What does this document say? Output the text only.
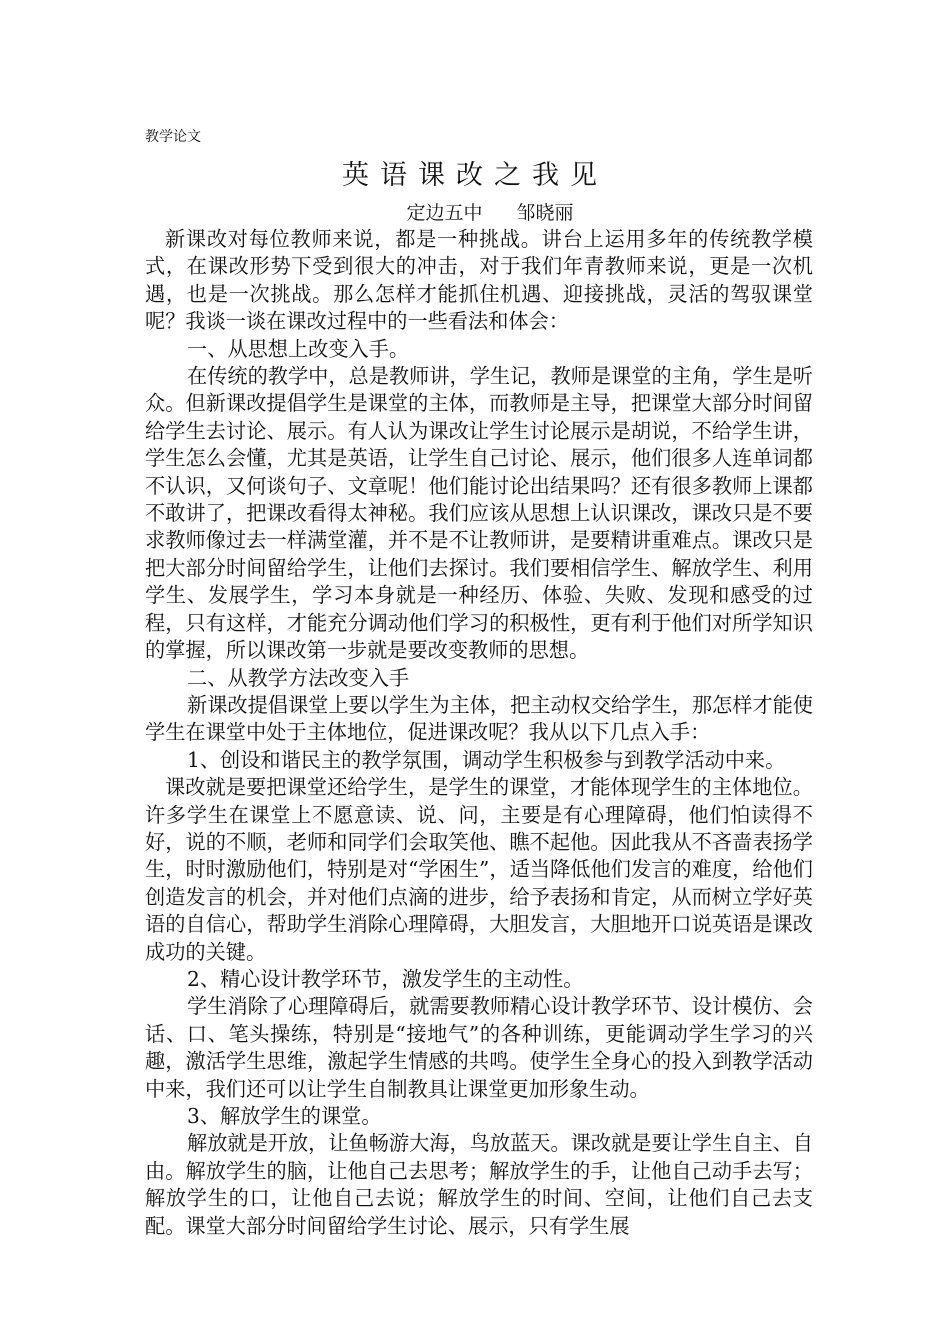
教学论文
英语课改之我见
定边五中 邹晓丽

新课改对每位教师来说，都是一种挑战。讲台上运用多年的传统教学模式，在课改形势下受到很大的冲击，对于我们年青教师来说，更是一次机遇，也是一次挑战。那么怎样才能抓住机遇、迎接挑战，灵活的驾驭课堂呢？我谈一谈在课改过程中的一些看法和体会：

一、从思想上改变入手。

在传统的教学中，总是教师讲，学生记，教师是课堂的主角，学生是听众。但新课改提倡学生是课堂的主体，而教师是主导，把课堂大部分时间留给学生去讨论、展示。有人认为课改让学生讨论展示是胡说，不给学生讲，学生怎么会懂，尤其是英语，让学生自己讨论、展示，他们很多人连单词都不认识，又何谈句子、文章呢！他们能讨论出结果吗？还有很多教师上课都不敢讲了，把课改看得太神秘。我们应该从思想上认识课改，课改只是不要求教师像过去一样满堂灌，并不是不让教师讲，是要精讲重难点。课改只是把大部分时间留给学生，让他们去探讨。我们要相信学生、解放学生、利用学生、发展学生，学习本身就是一种经历、体验、失败、发现和感受的过程，只有这样，才能充分调动他们学习的积极性，更有利于他们对所学知识的掌握，所以课改第一步就是要改变教师的思想。

二、从教学方法改变入手

新课改提倡课堂上要以学生为主体，把主动权交给学生，那怎样才能使学生在课堂中处于主体地位，促进课改呢？我从以下几点入手：

1、创设和谐民主的教学氛围，调动学生积极参与到教学活动中来。

课改就是要把课堂还给学生，是学生的课堂，才能体现学生的主体地位。许多学生在课堂上不愿意读、说、问，主要是有心理障碍，他们怕读得不好，说的不顺，老师和同学们会取笑他、瞧不起他。因此我从不吝啬表扬学生，时时激励他们，特别是对“学困生”，适当降低他们发言的难度，给他们创造发言的机会，并对他们点滴的进步，给予表扬和肯定，从而树立学好英语的自信心，帮助学生消除心理障碍，大胆发言，大胆地开口说英语是课改成功的关键。

2、精心设计教学环节，激发学生的主动性。

学生消除了心理障碍后，就需要教师精心设计教学环节、设计模仿、会话、口、笔头操练，特别是“接地气”的各种训练，更能调动学生学习的兴趣，激活学生思维，激起学生情感的共鸣。使学生全身心的投入到教学活动中来，我们还可以让学生自制教具让课堂更加形象生动。

3、解放学生的课堂。

解放就是开放，让鱼畅游大海，鸟放蓝天。课改就是要让学生自主、自由。解放学生的脑，让他自己去思考；解放学生的手，让他自己动手去写；解放学生的口，让他自己去说；解放学生的时间、空间，让他们自己去支配。课堂大部分时间留给学生讨论、展示，只有学生展
